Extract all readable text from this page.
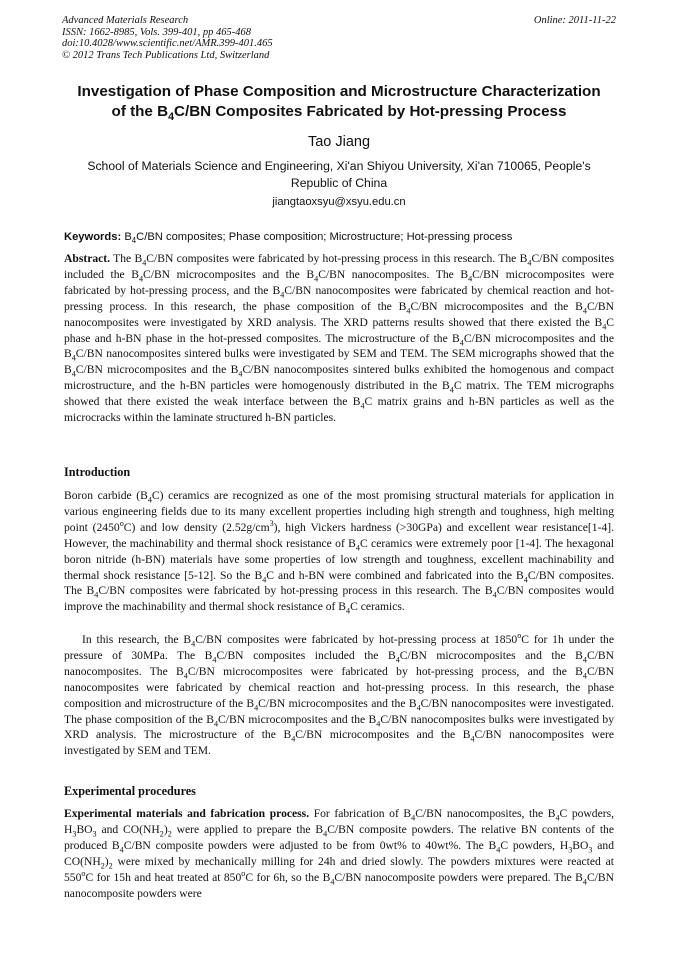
Advanced Materials Research
ISSN: 1662-8985, Vols. 399-401, pp 465-468
doi:10.4028/www.scientific.net/AMR.399-401.465
© 2012 Trans Tech Publications Ltd, Switzerland
Online: 2011-11-22
Investigation of Phase Composition and Microstructure Characterization
of the $B_4C/BN$ Composites Fabricated by Hot-pressing Process
Tao Jiang
School of Materials Science and Engineering, Xi'an Shiyou University, Xi'an 710065, People's Republic of China
jiangtaoxsyu@xsyu.edu.cn
Keywords: $B_4C/BN$ composites; Phase composition; Microstructure; Hot-pressing process
Abstract. The $B_4C/BN$ composites were fabricated by hot-pressing process in this research. The $B_4C/BN$ composites included the $B_4C/BN$ microcomposites and the $B_4C/BN$ nanocomposites. The $B_4C/BN$ microcomposites were fabricated by hot-pressing process, and the $B_4C/BN$ nanocomposites were fabricated by chemical reaction and hot-pressing process. In this research, the phase composition of the $B_4C/BN$ microcomposites and the $B_4C/BN$ nanocomposites were investigated by XRD analysis. The XRD patterns results showed that there existed the $B_4C$ phase and h-BN phase in the hot-pressed composites. The microstructure of the $B_4C/BN$ microcomposites and the $B_4C/BN$ nanocomposites sintered bulks were investigated by SEM and TEM. The SEM micrographs showed that the $B_4C/BN$ microcomposites and the $B_4C/BN$ nanocomposites sintered bulks exhibited the homogenous and compact microstructure, and the h-BN particles were homogenously distributed in the $B_4C$ matrix. The TEM micrographs showed that there existed the weak interface between the $B_4C$ matrix grains and h-BN particles as well as the microcracks within the laminate structured h-BN particles.
Introduction
Boron carbide $(B_4C)$ ceramics are recognized as one of the most promising structural materials for application in various engineering fields due to its many excellent properties including high strength and toughness, high melting point (2450$^o$C) and low density $(2.52g/cm^3)$, high Vickers hardness (>30GPa) and excellent wear resistance[1-4]. However, the machinability and thermal shock resistance of $B_4C$ ceramics were extremely poor [1-4]. The hexagonal boron nitride (h-BN) materials have some properties of low strength and toughness, excellent machinability and thermal shock resistance [5-12]. So the $B_4C$ and h-BN were combined and fabricated into the $B_4C/BN$ composites. The $B_4C/BN$ composites were fabricated by hot-pressing process in this research. The $B_4C/BN$ composites would improve the machinability and thermal shock resistance of $B_4C$ ceramics.
In this research, the $B_4C/BN$ composites were fabricated by hot-pressing process at 1850$^o$C for 1h under the pressure of 30MPa. The $B_4C/BN$ composites included the $B_4C/BN$ microcomposites and the $B_4C/BN$ nanocomposites. The $B_4C/BN$ microcomposites were fabricated by hot-pressing process, and the $B_4C/BN$ nanocomposites were fabricated by chemical reaction and hot-pressing process. In this research, the phase composition and microstructure of the $B_4C/BN$ microcomposites and the $B_4C/BN$ nanocomposites were investigated. The phase composition of the $B_4C/BN$ microcomposites and the $B_4C/BN$ nanocomposites bulks were investigated by XRD analysis. The microstructure of the $B_4C/BN$ microcomposites and the $B_4C/BN$ nanocomposites were investigated by SEM and TEM.
Experimental procedures
Experimental materials and fabrication process. For fabrication of $B_4C/BN$ nanocomposites, the $B_4C$ powders, $H_3BO_3$ and $CO(NH_2)_2$ were applied to prepare the $B_4C/BN$ composite powders. The relative BN contents of the produced $B_4C/BN$ composite powders were adjusted to be from 0wt% to 40wt%. The $B_4C$ powders, $H_3BO_3$ and $CO(NH_2)_2$ were mixed by mechanically milling for 24h and dried slowly. The powders mixtures were reacted at 550$^o$C for 15h and heat treated at 850$^o$C for 6h, so the $B_4C/BN$ nanocomposite powders were prepared. The $B_4C/BN$ nanocomposite powders were
